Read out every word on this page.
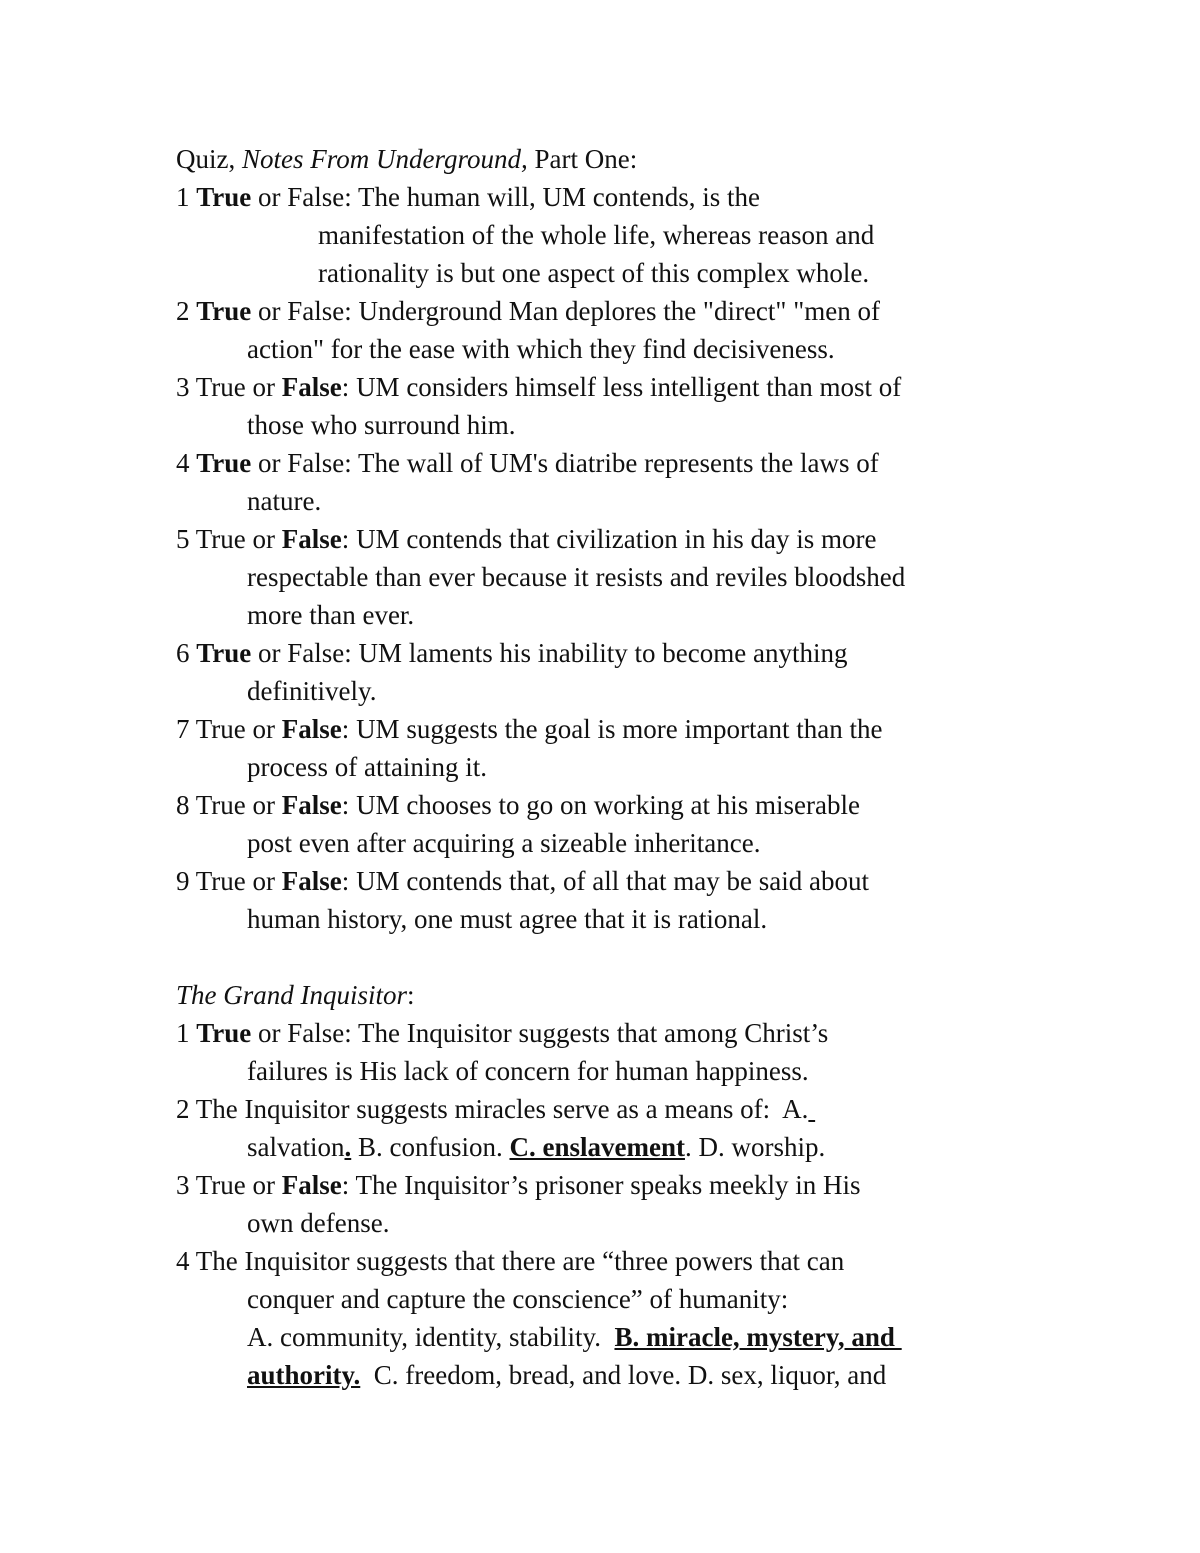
Quiz, Notes From Underground, Part One:
1 True or False: The human will, UM contends, is the
manifestation of the whole life, whereas reason and
rationality is but one aspect of this complex whole.
2 True or False: Underground Man deplores the "direct" "men of
action" for the ease with which they find decisiveness.
3 True or False: UM considers himself less intelligent than most of
those who surround him.
4 True or False: The wall of UM's diatribe represents the laws of
nature.
5 True or False: UM contends that civilization in his day is more
respectable than ever because it resists and reviles bloodshed
more than ever.
6 True or False: UM laments his inability to become anything
definitively.
7 True or False: UM suggests the goal is more important than the
process of attaining it.
8 True or False: UM chooses to go on working at his miserable
post even after acquiring a sizeable inheritance.
9 True or False: UM contends that, of all that may be said about
human history, one must agree that it is rational.
The Grand Inquisitor:
1 True or False: The Inquisitor suggests that among Christ’s
failures is His lack of concern for human happiness.
2 The Inquisitor suggests miracles serve as a means of:  A.
salvation. B. confusion. C. enslavement. D. worship.
3 True or False: The Inquisitor’s prisoner speaks meekly in His
own defense.
4 The Inquisitor suggests that there are “three powers that can
conquer and capture the conscience” of humanity:
A. community, identity, stability.  B. miracle, mystery, and
authority.  C. freedom, bread, and love. D. sex, liquor, and
